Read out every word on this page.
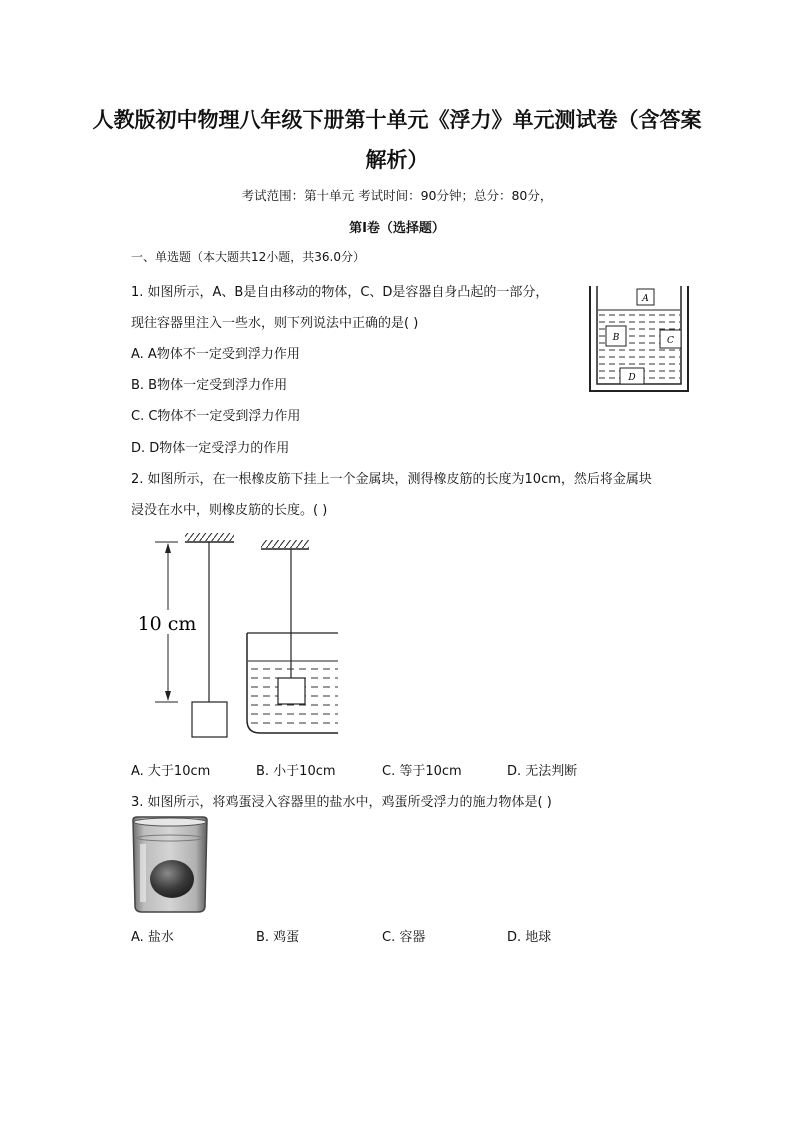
人教版初中物理八年级下册第十单元《浮力》单元测试卷（含答案解析）
考试范围：第十单元 考试时间：90分钟；总分：80分，
第I卷（选择题）
一、单选题（本大题共12小题，共36.0分）
1. 如图所示，A、B是自由移动的物体，C、D是容器自身凸起的一部分，
现往容器里注入一些水，则下列说法中正确的是( )
A. A物体不一定受到浮力作用
B. B物体一定受到浮力作用
C. C物体不一定受到浮力作用
D. D物体一定受浮力的作用
A
B	C
D
2. 如图所示，在一根橡皮筋下挂上一个金属块，测得橡皮筋的长度为10cm，然后将金属块
浸没在水中，则橡皮筋的长度。( )
10 cm
A. 大于10cm	B. 小于10cm	C. 等于10cm	D. 无法判断
3. 如图所示，将鸡蛋浸入容器里的盐水中，鸡蛋所受浮力的施力物体是( )
A. 盐水	B. 鸡蛋	C. 容器	D. 地球
